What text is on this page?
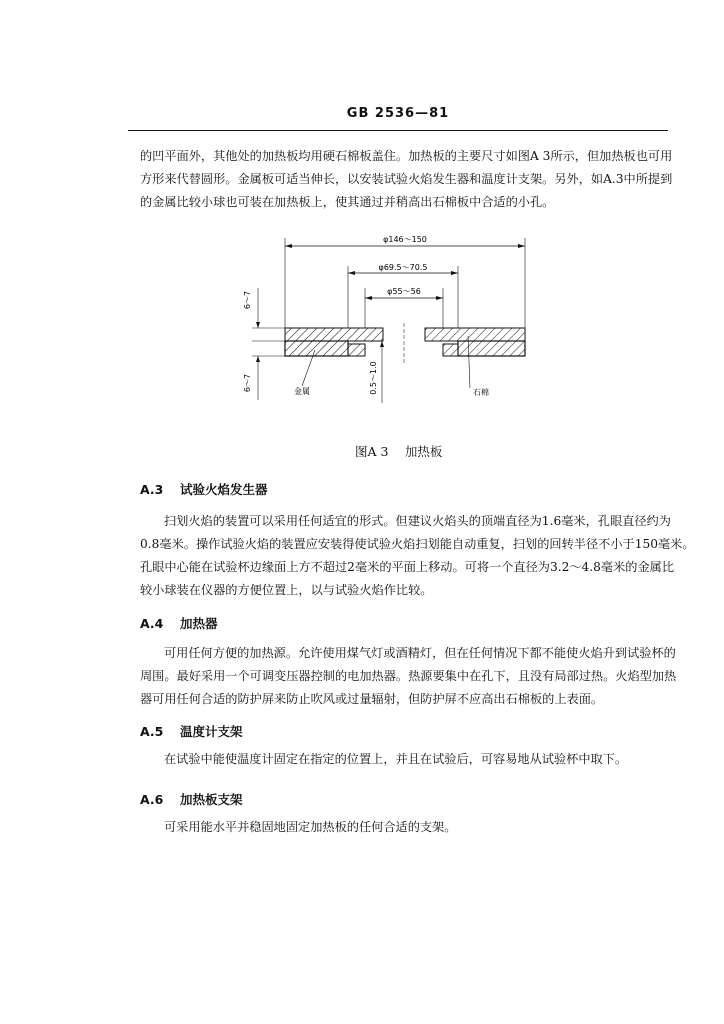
GB 2536—81
的凹平面外，其他处的加热板均用硬石棉板盖住。加热板的主要尺寸如图A 3所示，但加热板也可用
方形来代替圆形。金属板可适当伸长，以安装试验火焰发生器和温度计支架。另外，如A.3中所提到
的金属比较小球也可装在加热板上，使其通过并稍高出石棉板中合适的小孔。
φ146～150
φ69.5～70.5
φ55～56
6～7
6～7	0.5～1.0
金属	石棉
图A 3　 加热板
A.3 试验火焰发生器
扫划火焰的装置可以采用任何适宜的形式。但建议火焰头的顶端直径为1.6毫米，孔眼直径约为
0.8毫米。操作试验火焰的装置应安装得使试验火焰扫划能自动重复，扫划的回转半径不小于150毫米。
孔眼中心能在试验杯边缘面上方不超过2毫米的平面上移动。可将一个直径为3.2～4.8毫米的金属比
较小球装在仪器的方便位置上，以与试验火焰作比较。
A.4 加热器
可用任何方便的加热源。允许使用煤气灯或酒精灯，但在任何情况下都不能使火焰升到试验杯的
周围。最好采用一个可调变压器控制的电加热器。热源要集中在孔下，且没有局部过热。火焰型加热
器可用任何合适的防护屏来防止吹风或过量辐射，但防护屏不应高出石棉板的上表面。
A.5 温度计支架
在试验中能使温度计固定在指定的位置上，并且在试验后，可容易地从试验杯中取下。
A.6 加热板支架
可采用能水平并稳固地固定加热板的任何合适的支架。
